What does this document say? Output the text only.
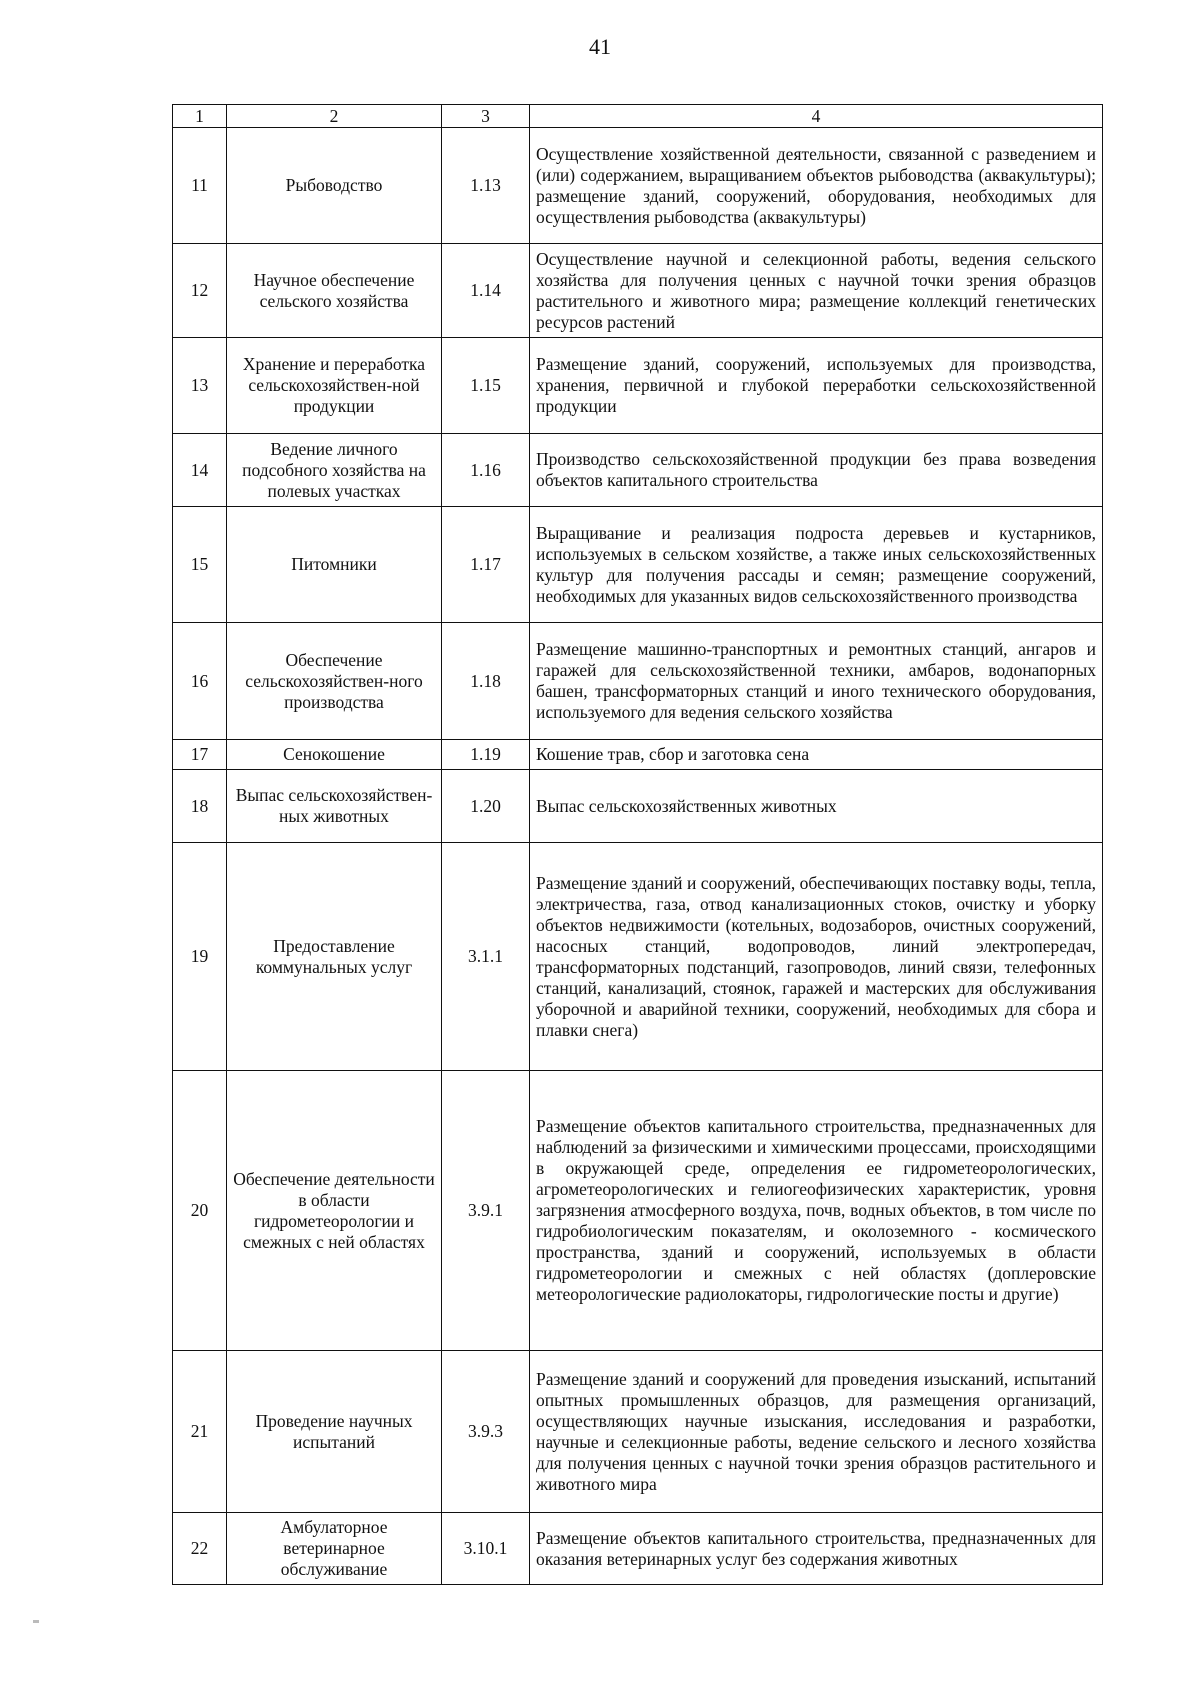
41
1	2	3	4
11	Рыбоводство	1.13	Осуществление хозяйственной деятельности, связанной с разведением и (или) содержанием, выращиванием объектов рыбоводства (аквакультуры); размещение зданий, сооружений, оборудования, необходимых для осуществления рыбоводства (аквакультуры)
12	Научное обеспечение сельского хозяйства	1.14	Осуществление научной и селекционной работы, ведения сельского хозяйства для получения ценных с научной точки зрения образцов растительного и животного мира; размещение коллекций генетических ресурсов растений
13	Хранение и переработка сельскохозяйствен-ной продукции	1.15	Размещение зданий, сооружений, используемых для производства, хранения, первичной и глубокой переработки сельскохозяйственной продукции
14	Ведение личного подсобного хозяйства на полевых участках	1.16	Производство сельскохозяйственной продукции без права возведения объектов капитального строительства
15	Питомники	1.17	Выращивание и реализация подроста деревьев и кустарников, используемых в сельском хозяйстве, а также иных сельскохозяйственных культур для получения рассады и семян; размещение сооружений, необходимых для указанных видов сельскохозяйственного производства
16	Обеспечение сельскохозяйствен-ного производства	1.18	Размещение машинно-транспортных и ремонтных станций, ангаров и гаражей для сельскохозяйственной техники, амбаров, водонапорных башен, трансформаторных станций и иного технического оборудования, используемого для ведения сельского хозяйства
17	Сенокошение	1.19	Кошение трав, сбор и заготовка сена
18	Выпас сельскохозяйствен-ных животных	1.20	Выпас сельскохозяйственных животных
19	Предоставление коммунальных услуг	3.1.1	Размещение зданий и сооружений, обеспечивающих поставку воды, тепла, электричества, газа, отвод канализационных стоков, очистку и уборку объектов недвижимости (котельных, водозаборов, очистных сооружений, насосных станций, водопроводов, линий электропередач, трансформаторных подстанций, газопроводов, линий связи, телефонных станций, канализаций, стоянок, гаражей и мастерских для обслуживания уборочной и аварийной техники, сооружений, необходимых для сбора и плавки снега)
20	Обеспечение деятельности в области гидрометеорологии и смежных с ней областях	3.9.1	Размещение объектов капитального строительства, предназначенных для наблюдений за физическими и химическими процессами, происходящими в окружающей среде, определения ее гидрометеорологических, агрометеорологических и гелиогеофизических характеристик, уровня загрязнения атмосферного воздуха, почв, водных объектов, в том числе по гидробиологическим показателям, и околоземного - космического пространства, зданий и сооружений, используемых в области гидрометеорологии и смежных с ней областях (доплеровские метеорологические радиолокаторы, гидрологические посты и другие)
21	Проведение научных испытаний	3.9.3	Размещение зданий и сооружений для проведения изысканий, испытаний опытных промышленных образцов, для размещения организаций, осуществляющих научные изыскания, исследования и разработки, научные и селекционные работы, ведение сельского и лесного хозяйства для получения ценных с научной точки зрения образцов растительного и животного мира
22	Амбулаторное ветеринарное обслуживание	3.10.1	Размещение объектов капитального строительства, предназначенных для оказания ветеринарных услуг без содержания животных
